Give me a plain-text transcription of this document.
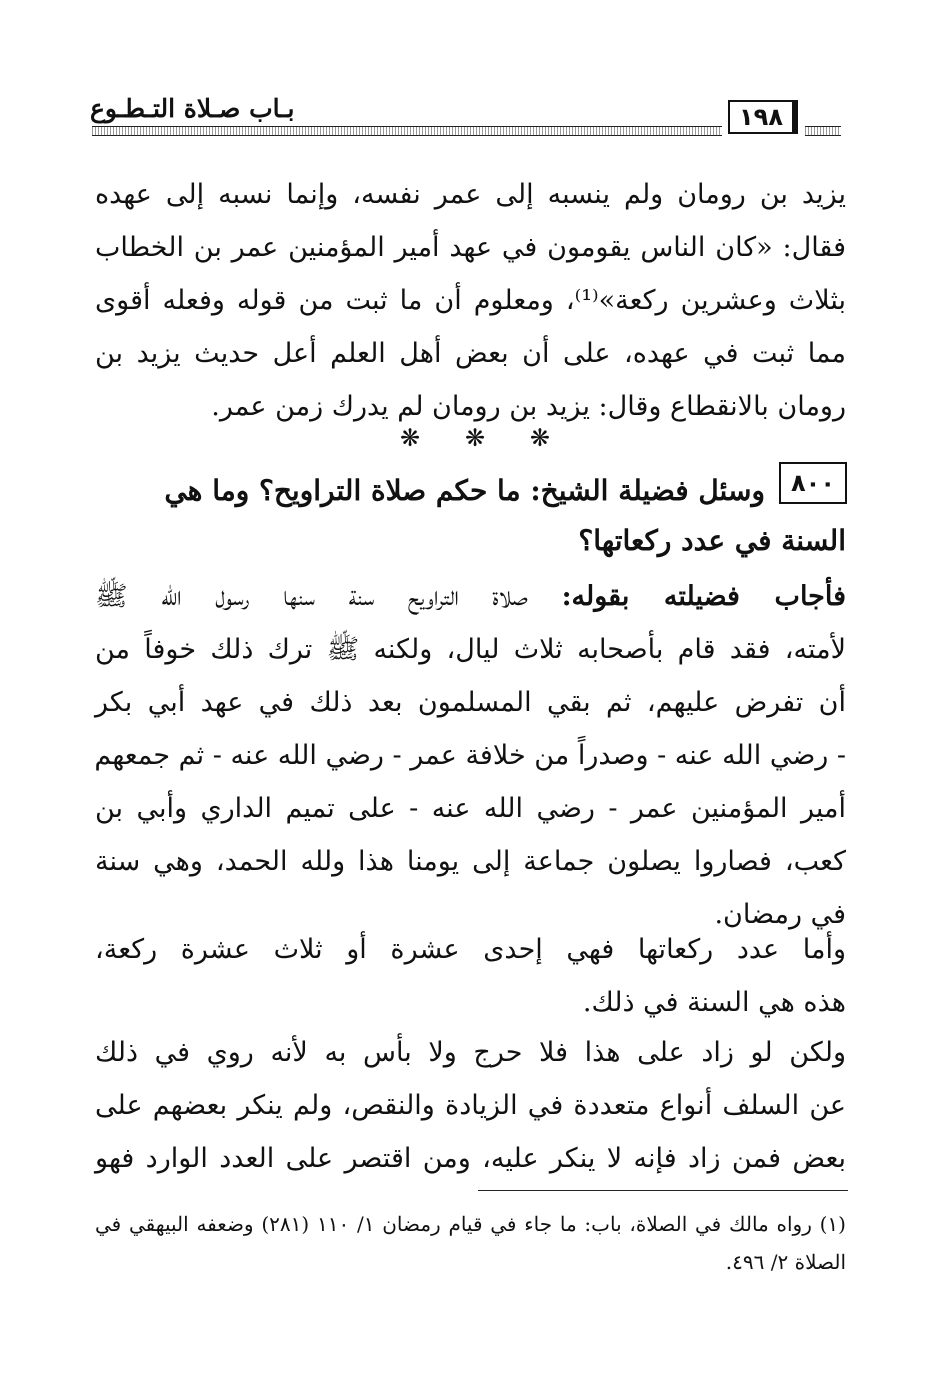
بـاب صـلاة التـطـوع	١٩٨
يزيد بن رومان ولم ينسبه إلى عمر نفسه، وإنما نسبه إلى عهده
فقال: «كان الناس يقومون في عهد أمير المؤمنين عمر بن الخطاب
بثلاث وعشرين ركعة»⁽¹⁾، ومعلوم أن ما ثبت من قوله وفعله أقوى
مما ثبت في عهده، على أن بعض أهل العلم أعل حديث يزيد بن
رومان بالانقطاع وقال: يزيد بن رومان لم يدرك زمن عمر.
❋ ❋ ❋
٨٠٠
وسئل فضيلة الشيخ: ما حكم صلاة التراويح؟ وما هي
السنة في عدد ركعاتها؟
فأجاب فضيلته بقوله: صلاة التراويح سنة سنها رسول الله ﷺ
لأمته، فقد قام بأصحابه ثلاث ليال، ولكنه ﷺ ترك ذلك خوفاً من
أن تفرض عليهم، ثم بقي المسلمون بعد ذلك في عهد أبي بكر
- رضي الله عنه - وصدراً من خلافة عمر - رضي الله عنه - ثم جمعهم
أمير المؤمنين عمر - رضي الله عنه - على تميم الداري وأبي بن
كعب، فصاروا يصلون جماعة إلى يومنا هذا ولله الحمد، وهي سنة
في رمضان.
وأما عدد ركعاتها فهي إحدى عشرة أو ثلاث عشرة ركعة،
هذه هي السنة في ذلك.
ولكن لو زاد على هذا فلا حرج ولا بأس به لأنه روي في ذلك
عن السلف أنواع متعددة في الزيادة والنقص، ولم ينكر بعضهم على
بعض فمن زاد فإنه لا ينكر عليه، ومن اقتصر على العدد الوارد فهو
(١) رواه مالك في الصلاة، باب: ما جاء في قيام رمضان ١/ ١١٠ (٢٨١) وضعفه البيهقي في
الصلاة ٢/ ٤٩٦.
